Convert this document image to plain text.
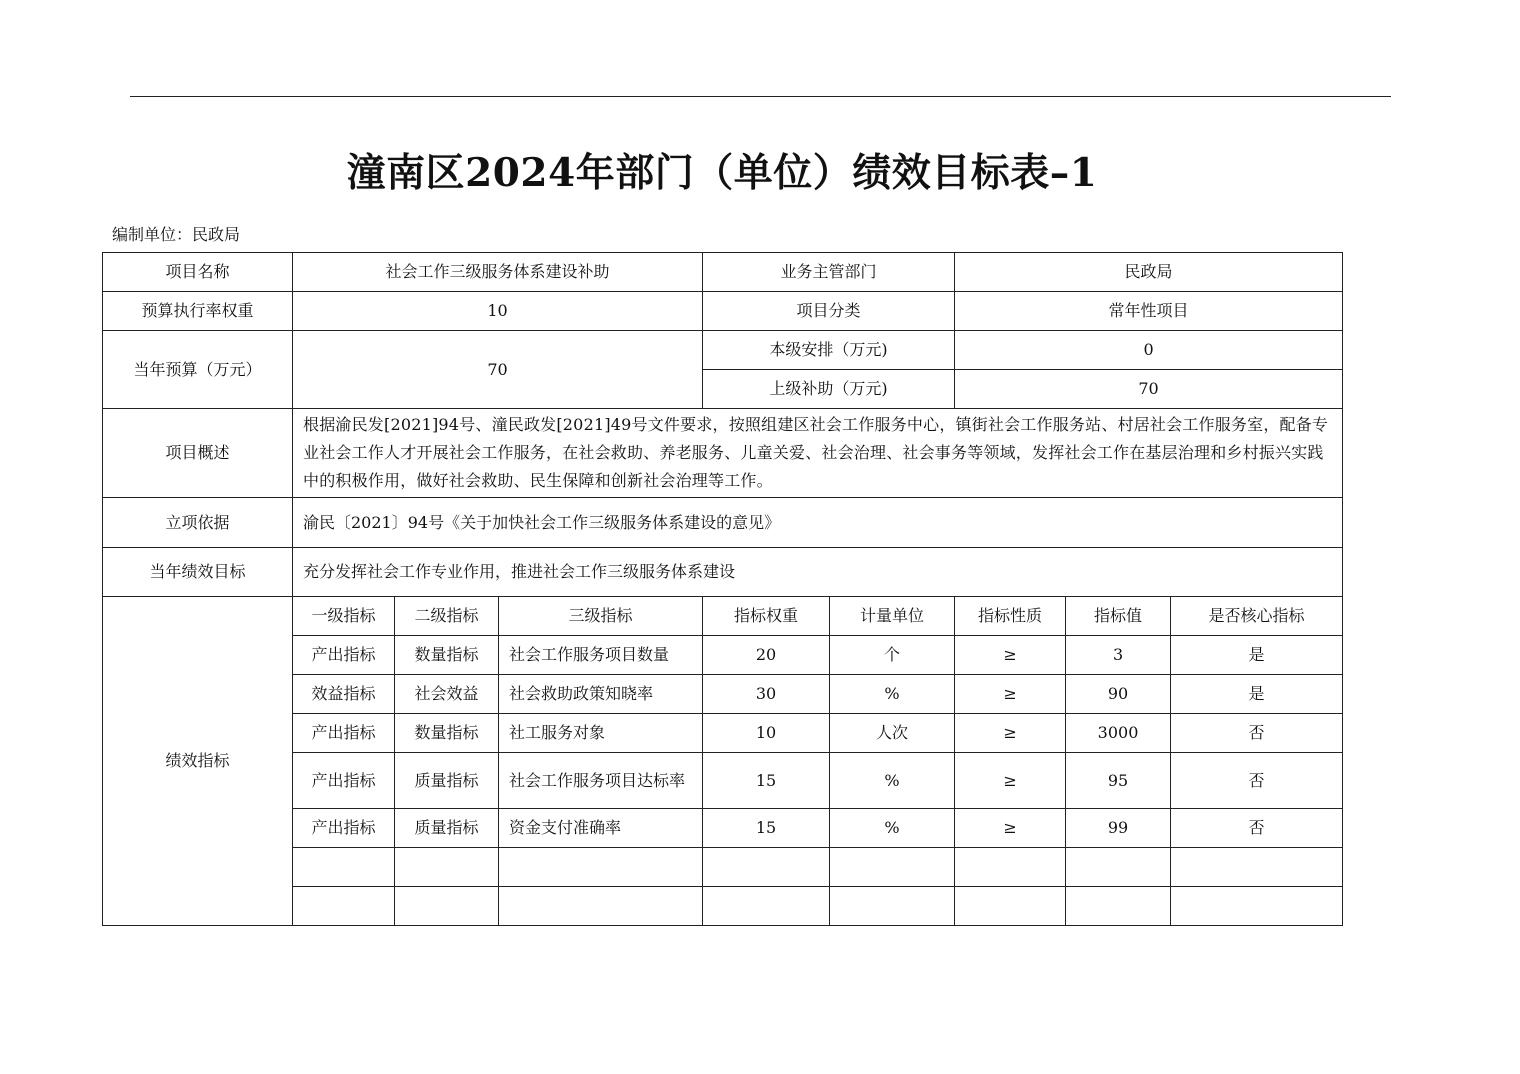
潼南区2024年部门（单位）绩效目标表–1
编制单位：民政局
项目名称	社会工作三级服务体系建设补助			业务主管部门		民政局		
预算执行率权重	10			项目分类		常年性项目		
当年预算（万元）	70			本级安排（万元)		0		
				上级补助（万元)		70		
项目概述	根据渝民发[2021]94号、潼民政发[2021]49号文件要求，按照组建区社会工作服务中心，镇街社会工作服务站、村居社会工作服务室，配备专业社会工作人才开展社会工作服务，在社会救助、养老服务、儿童关爱、社会治理、社会事务等领域，发挥社会工作在基层治理和乡村振兴实践中的积极作用，做好社会救助、民生保障和创新社会治理等工作。							
立项依据	渝民〔2021〕94号《关于加快社会工作三级服务体系建设的意见》							
当年绩效目标	充分发挥社会工作专业作用，推进社会工作三级服务体系建设							
绩效指标	一级指标	二级指标	三级指标	指标权重	计量单位	指标性质	指标值	是否核心指标
	产出指标	数量指标	社会工作服务项目数量	20	个	≥	3	是
	效益指标	社会效益	社会救助政策知晓率	30	%	≥	90	是
	产出指标	数量指标	社工服务对象	10	人次	≥	3000	否
	产出指标	质量指标	社会工作服务项目达标率	15	%	≥	95	否
	产出指标	质量指标	资金支付准确率	15	%	≥	99	否
